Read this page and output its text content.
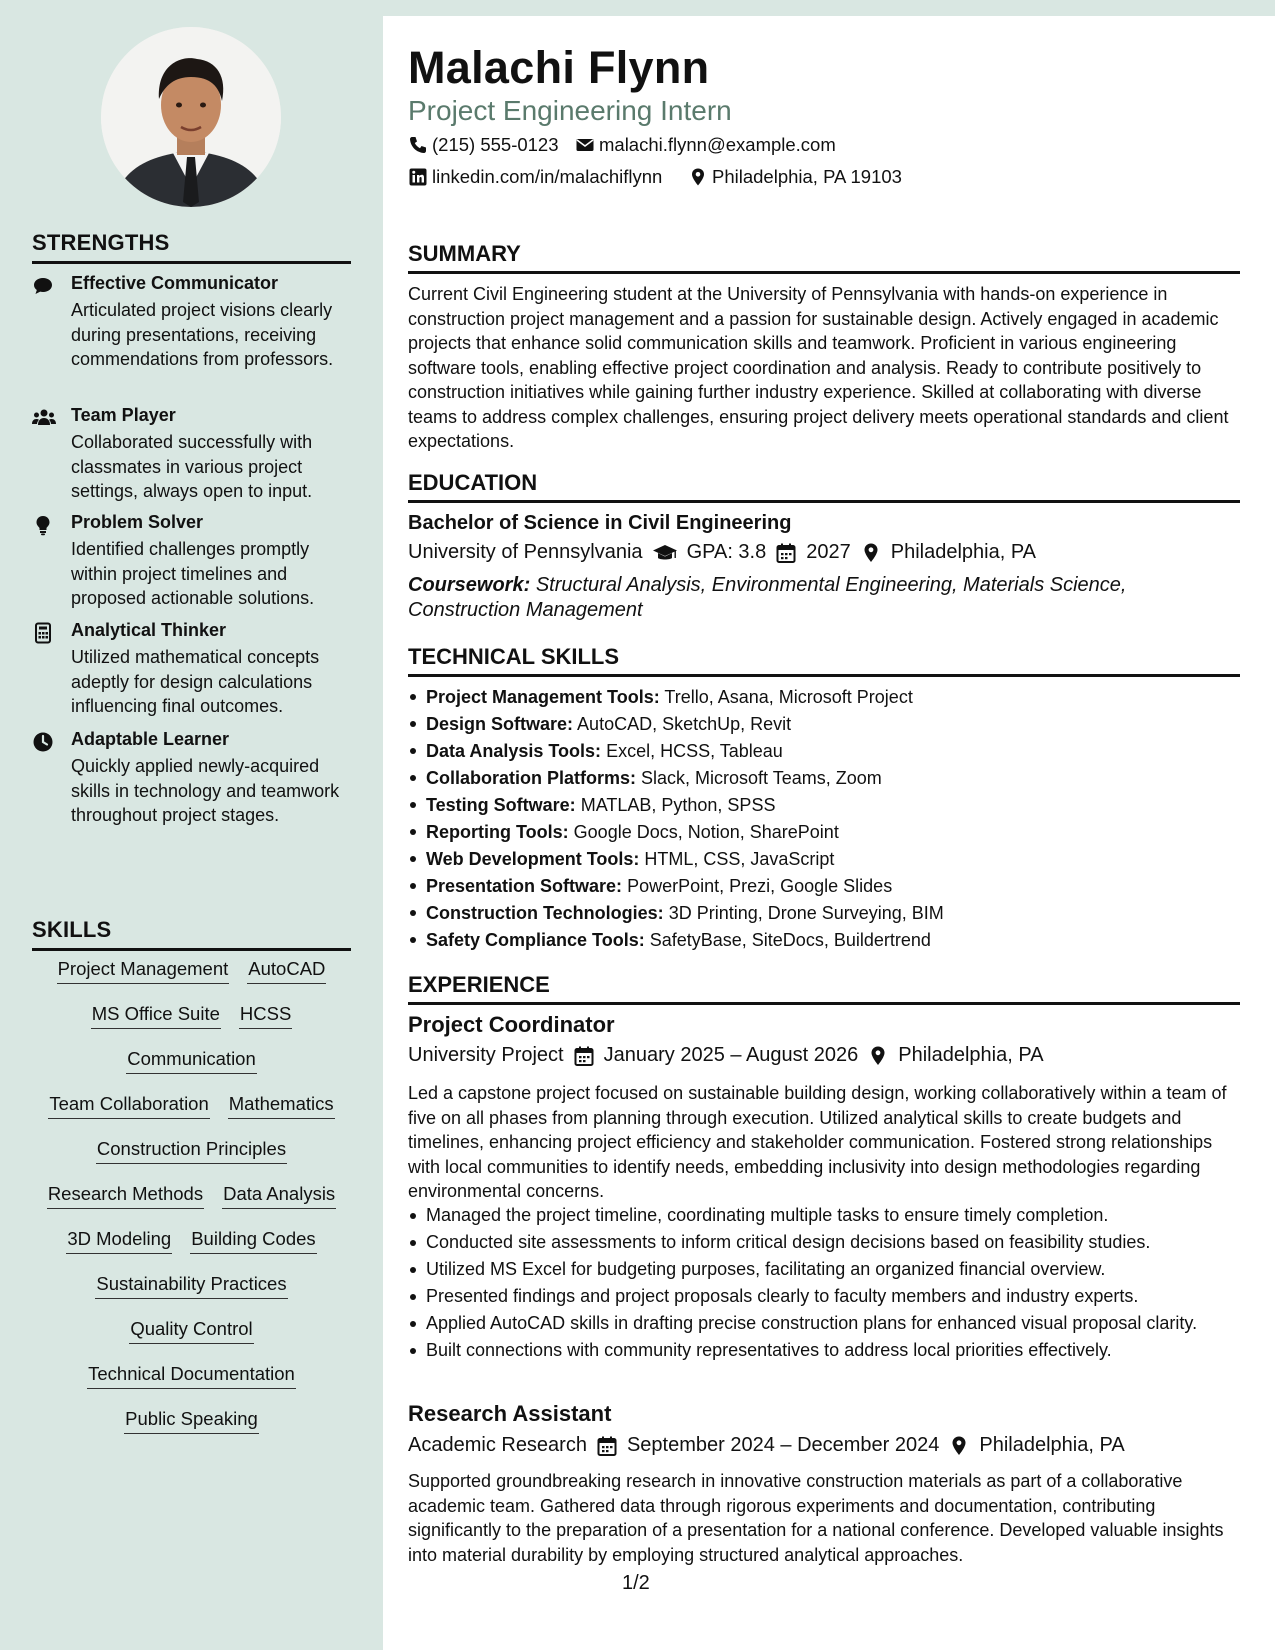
STRENGTHS
Effective Communicator
Articulated project visions clearly during presentations, receiving commendations from professors.
Team Player
Collaborated successfully with classmates in various project settings, always open to input.
Problem Solver
Identified challenges promptly within project timelines and proposed actionable solutions.
Analytical Thinker
Utilized mathematical concepts adeptly for design calculations influencing final outcomes.
Adaptable Learner
Quickly applied newly-acquired skills in technology and teamwork throughout project stages.
SKILLS
Project Management AutoCAD
MS Office Suite HCSS
Communication
Team Collaboration Mathematics
Construction Principles
Research Methods Data Analysis
3D Modeling Building Codes
Sustainability Practices
Quality Control
Technical Documentation
Public Speaking
Malachi Flynn
Project Engineering Intern
(215) 555-0123 malachi.flynn@example.com
linkedin.com/in/malachiflynn	Philadelphia, PA 19103
SUMMARY
Current Civil Engineering student at the University of Pennsylvania with hands-on experience in construction project management and a passion for sustainable design. Actively engaged in academic projects that enhance solid communication skills and teamwork. Proficient in various engineering software tools, enabling effective project coordination and analysis. Ready to contribute positively to construction initiatives while gaining further industry experience. Skilled at collaborating with diverse teams to address complex challenges, ensuring project delivery meets operational standards and client expectations.
EDUCATION
Bachelor of Science in Civil Engineering
University of Pennsylvania GPA: 3.8 2027 Philadelphia, PA
Coursework: Structural Analysis, Environmental Engineering, Materials Science, Construction Management
TECHNICAL SKILLS
Project Management Tools: Trello, Asana, Microsoft Project
Design Software: AutoCAD, SketchUp, Revit
Data Analysis Tools: Excel, HCSS, Tableau
Collaboration Platforms: Slack, Microsoft Teams, Zoom
Testing Software: MATLAB, Python, SPSS
Reporting Tools: Google Docs, Notion, SharePoint
Web Development Tools: HTML, CSS, JavaScript
Presentation Software: PowerPoint, Prezi, Google Slides
Construction Technologies: 3D Printing, Drone Surveying, BIM
Safety Compliance Tools: SafetyBase, SiteDocs, Buildertrend
EXPERIENCE
Project Coordinator
University Project January 2025 – August 2026 Philadelphia, PA
Led a capstone project focused on sustainable building design, working collaboratively within a team of five on all phases from planning through execution. Utilized analytical skills to create budgets and timelines, enhancing project efficiency and stakeholder communication. Fostered strong relationships with local communities to identify needs, embedding inclusivity into design methodologies regarding environmental concerns.
Managed the project timeline, coordinating multiple tasks to ensure timely completion.
Conducted site assessments to inform critical design decisions based on feasibility studies.
Utilized MS Excel for budgeting purposes, facilitating an organized financial overview.
Presented findings and project proposals clearly to faculty members and industry experts.
Applied AutoCAD skills in drafting precise construction plans for enhanced visual proposal clarity.
Built connections with community representatives to address local priorities effectively.
Research Assistant
Academic Research September 2024 – December 2024 Philadelphia, PA
Supported groundbreaking research in innovative construction materials as part of a collaborative academic team. Gathered data through rigorous experiments and documentation, contributing significantly to the preparation of a presentation for a national conference. Developed valuable insights into material durability by employing structured analytical approaches.
1/2
